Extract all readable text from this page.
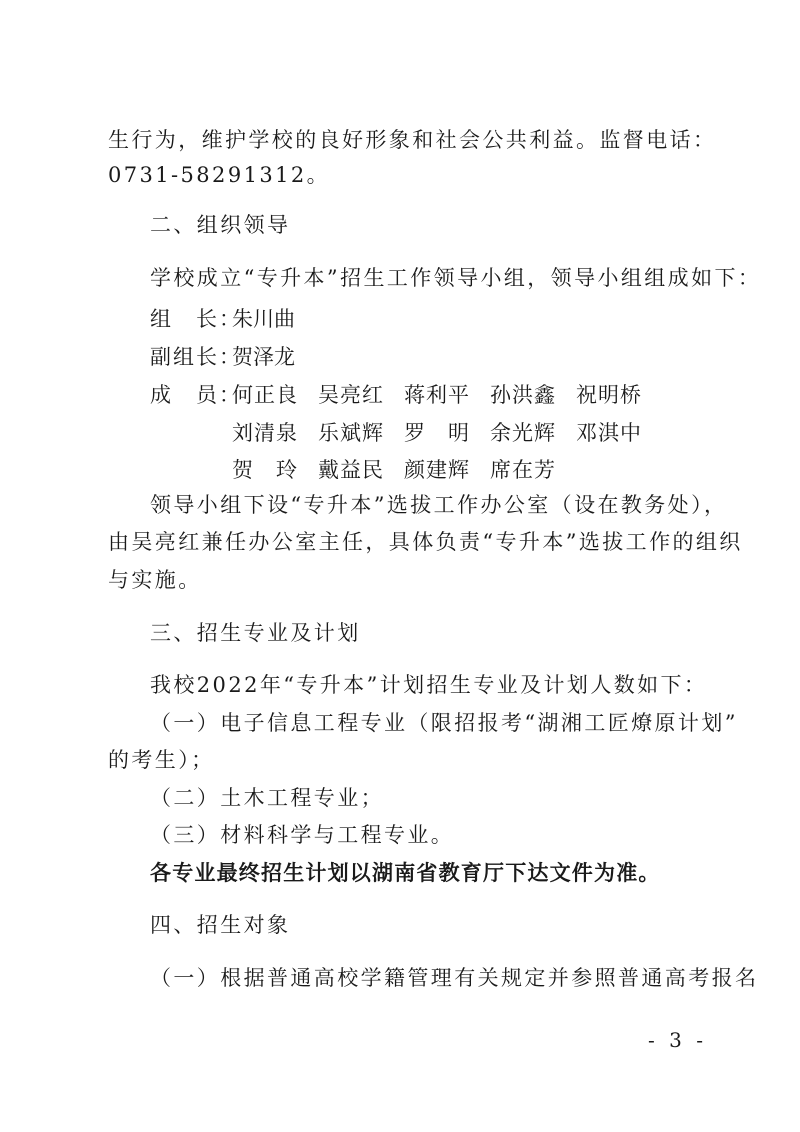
生行为，维护学校的良好形象和社会公共利益。监督电话：
0731-58291312。
二、组织领导
学校成立“专升本”招生工作领导小组，领导小组组成如下：
组　长：
朱川曲
副组长：
贺泽龙
成　员：
何正良 吴亮红 蒋利平 孙洪鑫 祝明桥
刘清泉 乐斌辉 罗　明 余光辉 邓淇中
贺　玲 戴益民 颜建辉 席在芳
领导小组下设“专升本”选拔工作办公室（设在教务处），
由吴亮红兼任办公室主任，具体负责“专升本”选拔工作的组织
与实施。
三、招生专业及计划
我校2022年“专升本”计划招生专业及计划人数如下：
（一）电子信息工程专业（限招报考“湖湘工匠燎原计划”
的考生）；
（二）土木工程专业；
（三）材料科学与工程专业。
各专业最终招生计划以湖南省教育厅下达文件为准。
四、招生对象
（一）根据普通高校学籍管理有关规定并参照普通高考报名
- 3 -
